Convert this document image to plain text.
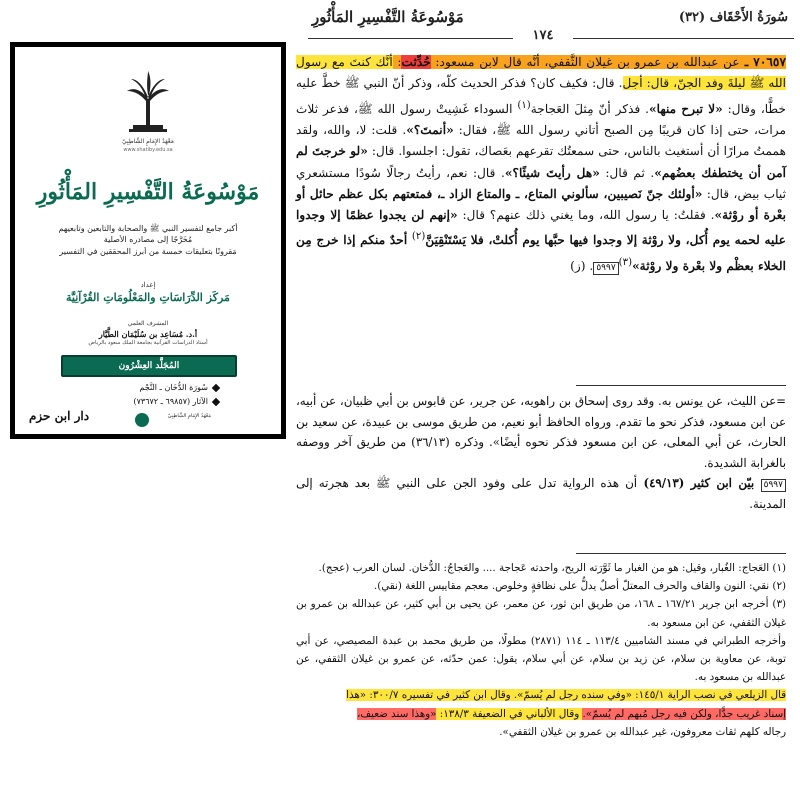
مَعْهَدُ الإِمَامِ الشَّاطِبِيّ
www.shatiby.edu.sa
مَوْسُوعَةُ التَّفْسِيرِ المَأْثُورِ
أكبر جامع لتفسير النبي ﷺ والصحابة والتابعين وتابعيهم
مُخَرَّجًا إلى مصادره الأصلية
مَقرونًا بتعليقات خمسة من أبرز المحققين في التفسير
إعداد
مَركَز الدِّرَاسَاتِ والمَعْلُومَاتِ القُرْآنِيَّة
المشرف العلمي
أ.د. مُسَاعِد بن سُلَيْمَان الطَّيَّار
أستاذ الدراسات القرآنية بجامعة الملك سعود بالرياض
المُجَلَّد العِشْرُون
سُورَة الدُّخَان ـ النَّجْم
الآثار (٦٩٨٥٧ ـ ٧٣٦٧٢)
مَعْهَدُ الإِمَامِ الشَّاطِبِيّ
دار ابن حزم
مَوْسُوعَةُ التَّفْسِيرِ المَأْثُورِ	سُورَةُ الأَحْقَاف (٣٢)
١٧٤
٧٠٦٥٧ ـ عن عبدالله بن عمرو بن غيلان الثَّقفي، أنَّه قال لابن مسعود: حُدِّثت: أنَّك كنتَ مع رسول الله ﷺ ليلةَ وفد الجنّ، قال: أجل. قال: فكيف كان؟ فذكر الحديث كلّه، وذكر أنّ النبي ﷺ خطَّ عليه خطًّا، وقال: «لا تبرح منها». فذكر أنّ مِثلَ العَجاجة$^{(١)}$ السوداء غَشِيتْ رسول الله ﷺ، فذعر ثلاث مرات، حتى إذا كان قريبًا مِن الصبح أتاني رسول الله ﷺ، فقال: «أنمتَ؟». قلت: لا، والله، ولقد هممتُ مرارًا أن أستغيث بالناس، حتى سمعتُك تقرعهم بعَصاك، تقول: اجلسوا. قال: «لو خرجتَ لم آمن أن يختطفك بعضُهم». ثم قال: «هل رأيتَ شيئًا؟». قال: نعم، رأيتُ رجالًا سُودًا مستشعري ثياب بيض، قال: «أولئك جنّ نَصيبين، سألوني المتاع، ـ والمتاع الزاد ـ، فمتعتهم بكل عظم حائل أو بعْرة أو روْثة». فقلتُ: يا رسول الله، وما يغني ذلك عنهم؟ قال: «إنهم لن يجدوا عظمًا إلا وجدوا عليه لحمه يوم أُكل، ولا روْثة إلا وجدوا فيها حبَّها يوم أُكلتْ، فلا يَسْتَنْقِيَنَّ$^{(٢)}$ أحدٌ منكم إذا خرج مِن الخلاء بعظْم ولا بعْرة ولا روْثة»$^{(٣)}$٥٩٩٧. (ز)

=عن الليث، عن يونس به. وقد روى إسحاق بن راهويه، عن جرير، عن قابوس بن أبي ظبيان، عن أبيه، عن ابن مسعود، فذكر نحو ما تقدم. ورواه الحافظ أبو نعيم، من طريق موسى بن عبيدة، عن سعيد بن الحارث، عن أبي المعلى، عن ابن مسعود فذكر نحوه أيضًا». وذكره (٣٦/١٣) من طريق آخر ووصفه بالغرابة الشديدة.

٥٩٩٧ بيّن ابن كثير (٤٩/١٣) أن هذه الرواية تدل على وفود الجن على النبي ﷺ بعد هجرته إلى المدينة.

(١) العَجاج: الغُبار، وقيل: هو من الغبار ما ثَوَّرَته الريح، واحدته عَجاجة .... والعَجاجُ: الدُّخان. لسان العرب (عجج).

(٢) نقي: النون والقاف والحرف المعتلّ أصلٌ يدلُّ على نظافةٍ وخلوص. معجم مقاييس اللغة (نقي).

(٣) أخرجه ابن جرير ١٦٧/٢١ ـ ١٦٨، من طريق ابن ثور، عن معمر، عن يحيى بن أبي كثير، عن عبدالله بن عمرو بن غيلان الثقفي، عن ابن مسعود به.

وأخرجه الطبراني في مسند الشاميين ١١٣/٤ ـ ١١٤ (٢٨٧١) مطولًا، من طريق محمد بن عبدة المصيصي، عن أبي توبة، عن معاوية بن سلام، عن زيد بن سلام، عن أبي سلام، يقول: عمن حدّثه، عن عمرو بن غيلان الثقفي، عن عبدالله بن مسعود به.

قال الزيلعي في نصب الراية ١٤٥/١: «وفي سنده رجل لم يُسمّ». وقال ابن كثير في تفسيره ٣٠٠/٧: «هذا

إسناد غريب جدًّا، ولكن فيه رجل مُبهم لم يُسمّ». وقال الألباني في الضعيفة ١٣٨/٣: «وهذا سند ضعيف،

رجاله كلهم ثقات معروفون، غير عبدالله بن عمرو بن غيلان الثقفي».
